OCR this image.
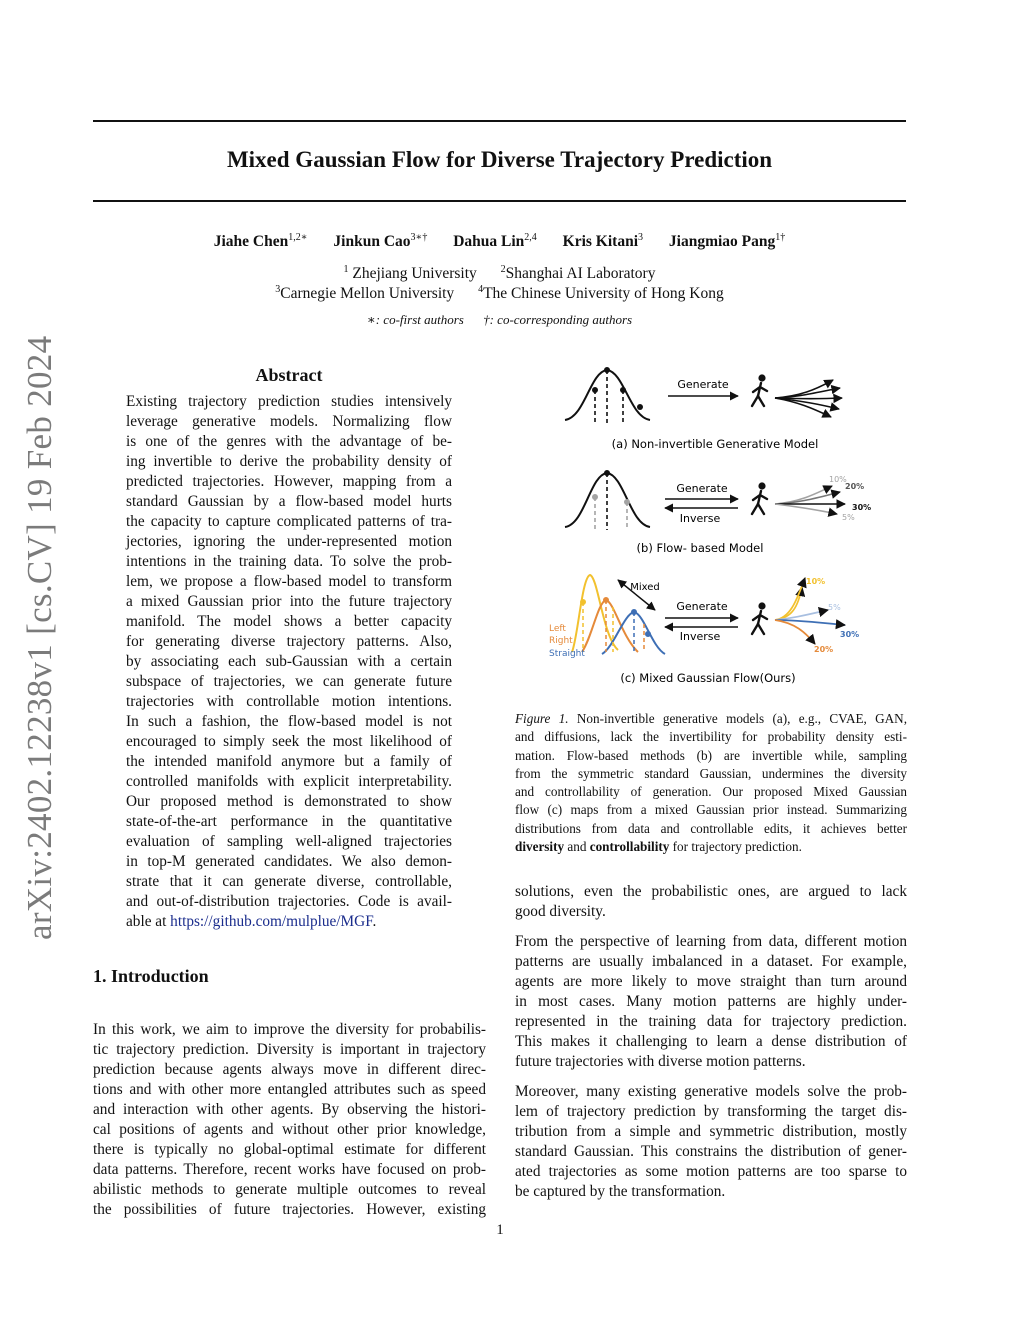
Mixed Gaussian Flow for Diverse Trajectory Prediction
Jiahe Chen$^{1,2∗}$ Jinkun Cao$^{3∗\dagger}$ Dahua Lin$^{2,4}$ Kris Kitani$^3$ Jiangmiao Pang$^{1\dagger}$
$^1$ Zhejiang University $^2$Shanghai AI Laboratory
$^3$Carnegie Mellon University $^4$The Chinese University of Hong Kong
∗: co-first authors †: co-corresponding authors
arXiv:2402.12238v1 [cs.CV] 19 Feb 2024	Abstract
Existing trajectory prediction studies intensively
leverage generative models. Normalizing flow
is one of the genres with the advantage of be-
ing invertible to derive the probability density of
predicted trajectories. However, mapping from a
standard Gaussian by a flow-based model hurts
the capacity to capture complicated patterns of tra-
jectories, ignoring the under-represented motion
intentions in the training data. To solve the prob-
lem, we propose a flow-based model to transform
a mixed Gaussian prior into the future trajectory
manifold. The model shows a better capacity
for generating diverse trajectory patterns. Also,
by associating each sub-Gaussian with a certain
subspace of trajectories, we can generate future
trajectories with controllable motion intentions.
In such a fashion, the flow-based model is not
encouraged to simply seek the most likelihood of
the intended manifold anymore but a family of
controlled manifolds with explicit interpretability.
Our proposed method is demonstrated to show
state-of-the-art performance in the quantitative
evaluation of sampling well-aligned trajectories
in top-M generated candidates. We also demon-
strate that it can generate diverse, controllable,
and out-of-distribution trajectories. Code is avail-
able at https://github.com/mulplue/MGF.
1. Introduction
In this work, we aim to improve the diversity for probabilis-
tic trajectory prediction. Diversity is important in trajectory
prediction because agents always move in different direc-
tions and with other more entangled attributes such as speed
and interaction with other agents. By observing the histori-
cal positions of agents and without other prior knowledge,
there is typically no global-optimal estimate for different
data patterns. Therefore, recent works have focused on prob-
abilistic methods to generate multiple outcomes to reveal
the possibilities of future trajectories. However, existing
Generate
(a) Non-invertible Generative Model
Generate
Inverse
10%
20%
30%
5%
(b) Flow- based Model
Left
Right
Straight
Mixed
Generate
Inverse
10%
5%
30%
20%
(c) Mixed Gaussian Flow(Ours)
Figure 1. Non-invertible generative models (a), e.g., CVAE, GAN,
and diffusions, lack the invertibility for probability density esti-
mation. Flow-based methods (b) are invertible while, sampling
from the symmetric standard Gaussian, undermines the diversity
and controllability of generation. Our proposed Mixed Gaussian
flow (c) maps from a mixed Gaussian prior instead. Summarizing
distributions from data and controllable edits, it achieves better
diversity and controllability for trajectory prediction.
solutions, even the probabilistic ones, are argued to lack
good diversity.
From the perspective of learning from data, different motion
patterns are usually imbalanced in a dataset. For example,
agents are more likely to move straight than turn around
in most cases. Many motion patterns are highly under-
represented in the training data for trajectory prediction.
This makes it challenging to learn a dense distribution of
future trajectories with diverse motion patterns.
Moreover, many existing generative models solve the prob-
lem of trajectory prediction by transforming the target dis-
tribution from a simple and symmetric distribution, mostly
standard Gaussian. This constrains the distribution of gener-
ated trajectories as some motion patterns are too sparse to
be captured by the transformation.
1
